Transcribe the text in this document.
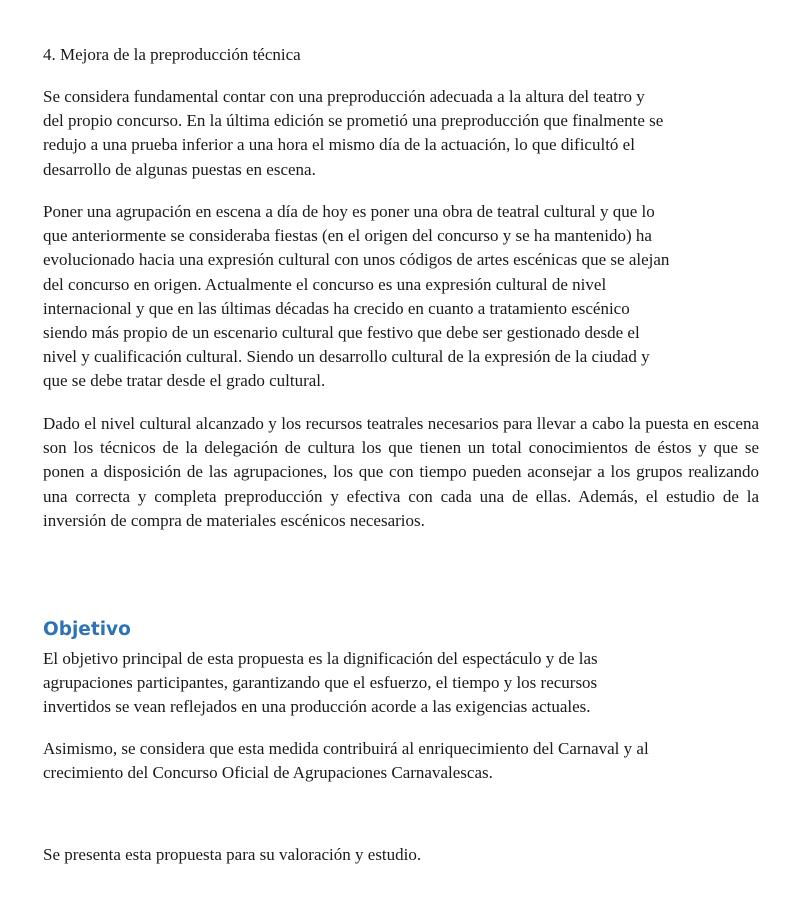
4. Mejora de la preproducción técnica

Se considera fundamental contar con una preproducción adecuada a la altura del teatro y
del propio concurso. En la última edición se prometió una preproducción que finalmente se
redujo a una prueba inferior a una hora el mismo día de la actuación, lo que dificultó el
desarrollo de algunas puestas en escena.

Poner una agrupación en escena a día de hoy es poner una obra de teatral cultural y que lo
que anteriormente se consideraba fiestas (en el origen del concurso y se ha mantenido) ha
evolucionado hacia una expresión cultural con unos códigos de artes escénicas que se alejan
del concurso en origen. Actualmente el concurso es una expresión cultural de nivel
internacional y que en las últimas décadas ha crecido en cuanto a tratamiento escénico
siendo más propio de un escenario cultural que festivo que debe ser gestionado desde el
nivel y cualificación cultural. Siendo un desarrollo cultural de la expresión de la ciudad y
que se debe tratar desde el grado cultural.

Dado el nivel cultural alcanzado y los recursos teatrales necesarios para llevar a cabo la puesta en escena son los técnicos de la delegación de cultura los que tienen un total conocimientos de éstos y que se ponen a disposición de las agrupaciones, los que con tiempo pueden aconsejar a los grupos realizando una correcta y completa preproducción y efectiva con cada una de ellas. Además, el estudio de la inversión de compra de materiales escénicos necesarios.

Objetivo

El objetivo principal de esta propuesta es la dignificación del espectáculo y de las
agrupaciones participantes, garantizando que el esfuerzo, el tiempo y los recursos
invertidos se vean reflejados en una producción acorde a las exigencias actuales.

Asimismo, se considera que esta medida contribuirá al enriquecimiento del Carnaval y al
crecimiento del Concurso Oficial de Agrupaciones Carnavalescas.

Se presenta esta propuesta para su valoración y estudio.
